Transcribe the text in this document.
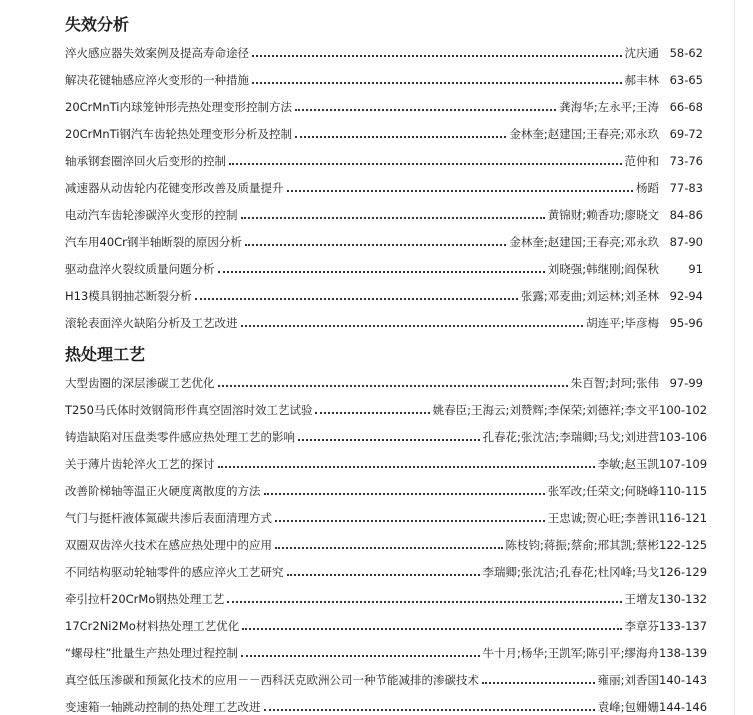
失效分析
淬火感应器失效案例及提高寿命途径	沈庆通 58-62
解决花键轴感应淬火变形的一种措施	郝丰林 63-65
20CrMnTi内球笼钟形壳热处理变形控制方法	龚海华;左永平;王涛 66-68
20CrMnTi钢汽车齿轮热处理变形分析及控制	金林奎;赵建国;王春亮;邓永玖 69-72
轴承钢套圈淬回火后变形的控制	范仲和 73-76
减速器从动齿轮内花键变形改善及质量提升	杨蹈 77-83
电动汽车齿轮渗碳淬火变形的控制	黄锦财;赖香功;廖晓文 84-86
汽车用40Cr钢半轴断裂的原因分析	金林奎;赵建国;王春亮;邓永玖 87-90
驱动盘淬火裂纹质量问题分析	刘晓强;韩继刚;阎保秋	91
H13模具钢抽芯断裂分析	张露;邓麦曲;刘运林;刘圣林 92-94
滚轮表面淬火缺陷分析及工艺改进	胡连平;毕彦梅 95-96
热处理工艺
大型齿圈的深层渗碳工艺优化	朱百智;封珂;张伟 97-99
T250马氏体时效钢筒形件真空固溶时效工艺试验	姚春臣;王海云;刘赞辉;李保荣;刘德祥;李文平 100-102
铸造缺陷对压盘类零件感应热处理工艺的影响	孔春花;张沈洁;李瑞卿;马戈;刘进营 103-106
关于薄片齿轮淬火工艺的探讨	李敏;赵玉凯 107-109
改善阶梯轴等温正火硬度离散度的方法	张军改;任荣文;何晓峰 110-115
气门与挺杆液体氮碳共渗后表面清理方式	王忠诚;贺心旺;李善讯 116-121
双圈双齿淬火技术在感应热处理中的应用	陈枝钧;蒋振;蔡俞;邢其凯;蔡彬 122-125
不同结构驱动轮轴零件的感应淬火工艺研究	李瑞卿;张沈洁;孔春花;杜冈峰;马戈 126-129
牵引拉杆20CrMo钢热处理工艺	王增友 130-132
17Cr2Ni2Mo材料热处理工艺优化	李章芬 133-137
“螺母柱”批量生产热处理过程控制	牛十月;杨华;王凯军;陈引平;缪海舟 138-139
真空低压渗碳和预氮化技术的应用－－西科沃克欧洲公司一种节能减排的渗碳技术	雍丽;刘香国 140-143
变速箱一轴跳动控制的热处理工艺改进	袁峰;包姗姗 144-146
